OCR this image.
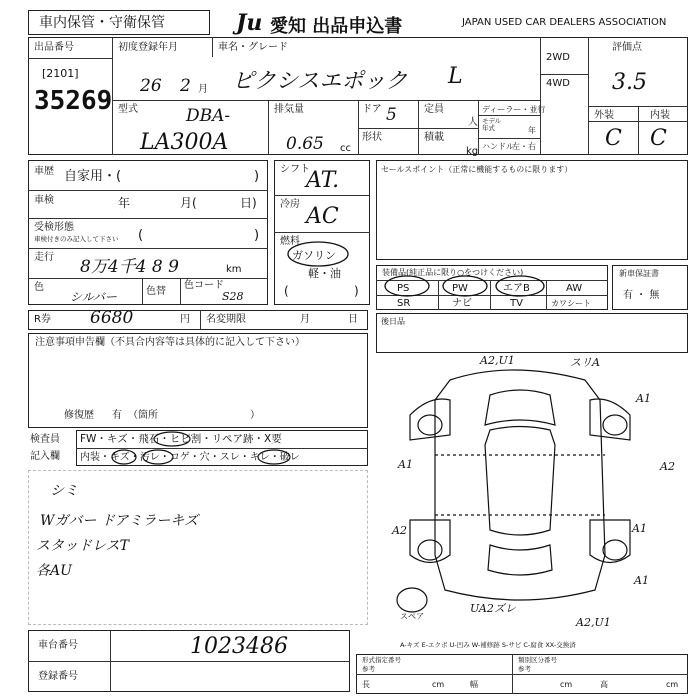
車内保管・守衛保管	Ju 愛知 出品申込書	JAPAN USED CAR DEALERS ASSOCIATION
出品番号
[2101]
35269
初度登録年月
26 2 月
車名・グレード
ピクシスエポック L
2WD
4WD
評価点
3.5
外装	内装
C C
型式	DBA-
LA300A
排気量
0.65 cc
ドア 5
形状
定員
人
積載
kg
ディーラー・並行
モデル
年式	年
ハンドル
左・右
車歴 自家用・(	)
車検	年	月(	日)
受検形態
車検付きのみ記入して下さい (	)
走行 8万4千4 8 9	km
色
シルバー	色替
色コード
S28
シフト
AT.
冷房 AC
燃料
ガソリン
軽・油
(	)
セールスポイント（正常に機能するものに限ります）
装備品(純正品に限り○をつけください)
PS	PW	エアB	AW
SR	ナビ	TV	カワシート
新車保証書
有 ・ 無
R券 6680	円 名変期限	月	日	後日品
注意事項申告欄（不具合内容等は具体的に記入して下さい）
修復歴 有 （箇所	）
検査員
記入欄
FW・キズ・飛石・ヒビ割・リペア跡・X要
内装・キズ・汚レ・コゲ・穴・スレ・キレ・破レ
シミ
Wガバー ドアミラーキズ
スタッドレスT
各AU
A2,U1	スリA
A1
A2
A1
A1
A2	A1
UA2ズレ
A2,U1
スペア
A-キズ E-エクボ U-凹み W-補修跡 S-サビ C-腐食 XX-交換済
車台番号	1023486
登録番号
形式指定番号
参考
類別区分番号
参考
長	cm	幅	cm	高	cm
